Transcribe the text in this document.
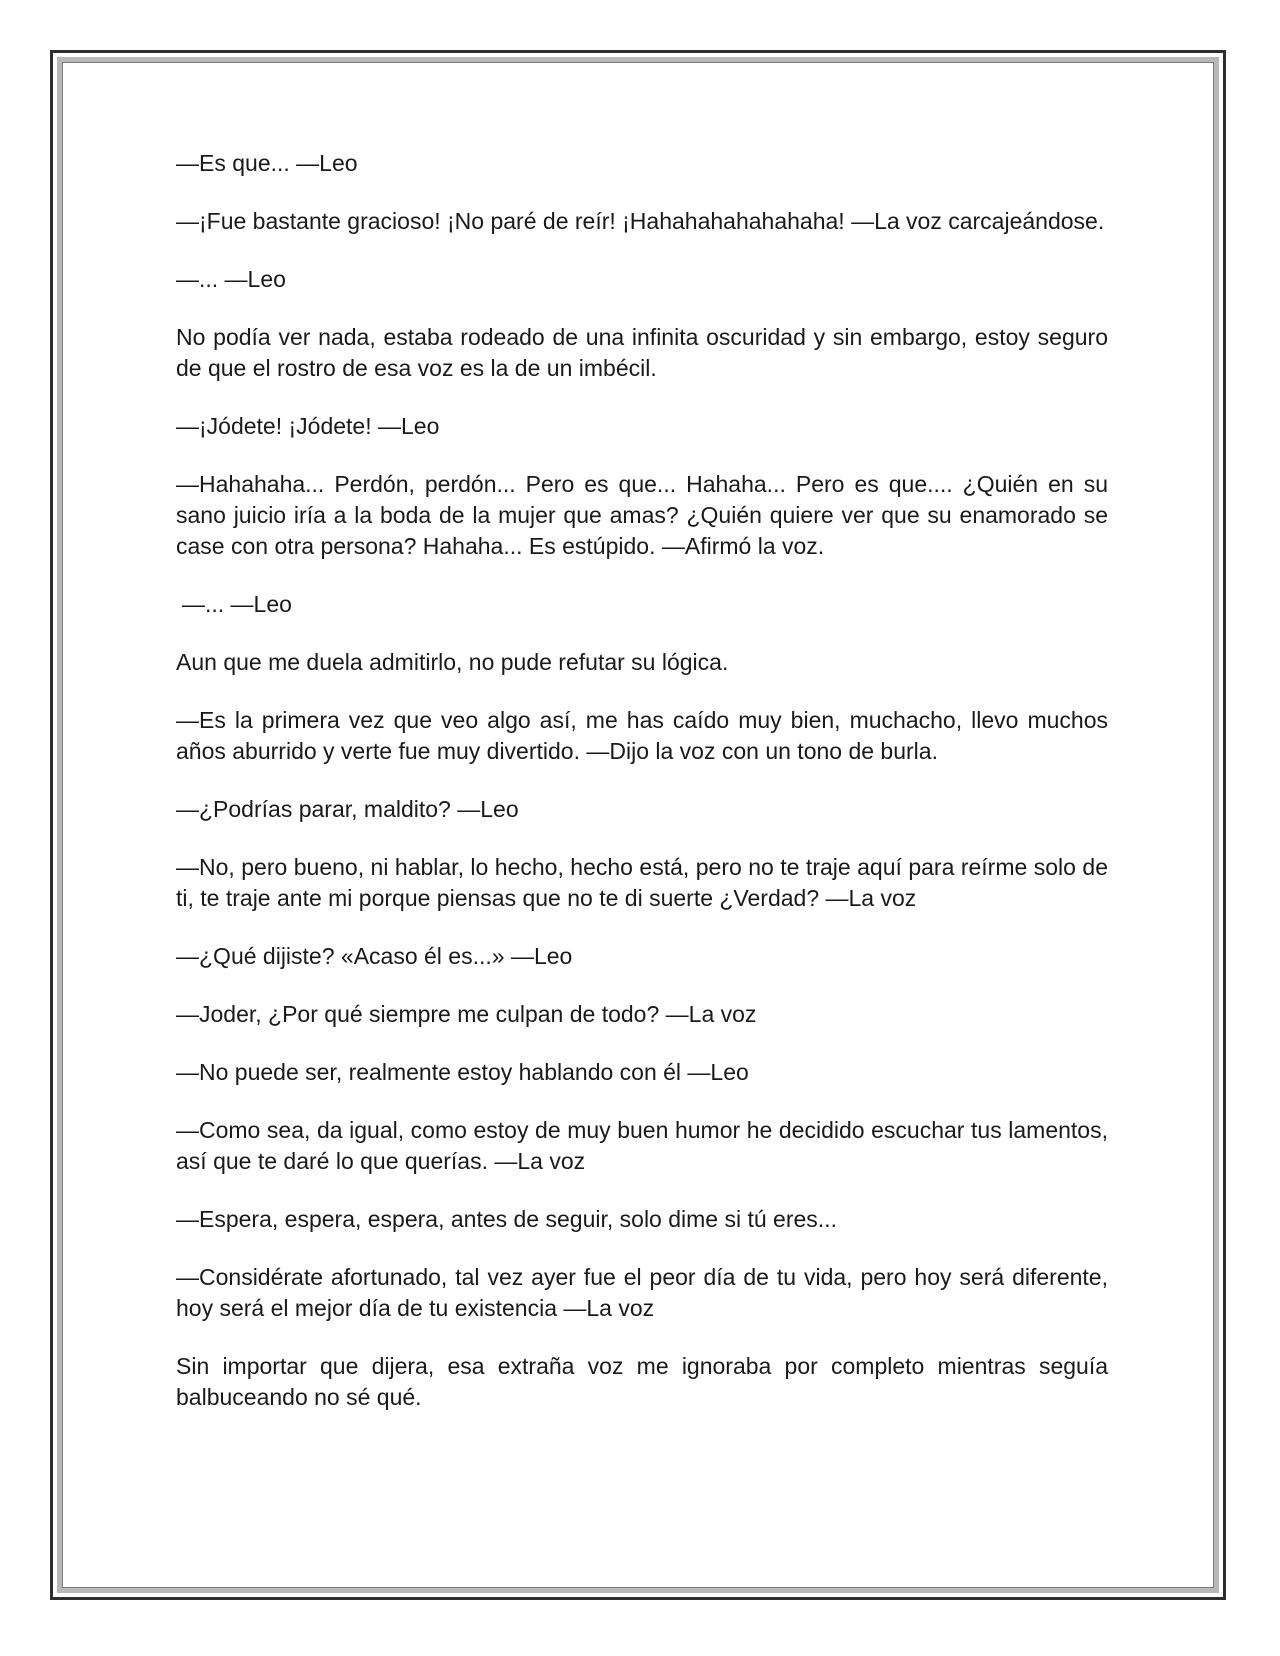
—Es que... —Leo

—¡Fue bastante gracioso! ¡No paré de reír! ¡Hahahahahahahaha! —La voz carcajeándose.

—... —Leo

No podía ver nada, estaba rodeado de una infinita oscuridad y sin embargo, estoy seguro de que el rostro de esa voz es la de un imbécil.

—¡Jódete! ¡Jódete! —Leo

—Hahahaha... Perdón, perdón... Pero es que... Hahaha... Pero es que.... ¿Quién en su sano juicio iría a la boda de la mujer que amas? ¿Quién quiere ver que su enamorado se case con otra persona? Hahaha... Es estúpido. —Afirmó la voz.

—... —Leo

Aun que me duela admitirlo, no pude refutar su lógica.

—Es la primera vez que veo algo así, me has caído muy bien, muchacho, llevo muchos años aburrido y verte fue muy divertido. —Dijo la voz con un tono de burla.

—¿Podrías parar, maldito? —Leo

—No, pero bueno, ni hablar, lo hecho, hecho está, pero no te traje aquí para reírme solo de ti, te traje ante mi porque piensas que no te di suerte ¿Verdad? —La voz

—¿Qué dijiste? «Acaso él es...» —Leo

—Joder, ¿Por qué siempre me culpan de todo? —La voz

—No puede ser, realmente estoy hablando con él —Leo

—Como sea, da igual, como estoy de muy buen humor he decidido escuchar tus lamentos, así que te daré lo que querías. —La voz

—Espera, espera, espera, antes de seguir, solo dime si tú eres...

—Considérate afortunado, tal vez ayer fue el peor día de tu vida, pero hoy será diferente, hoy será el mejor día de tu existencia —La voz

Sin importar que dijera, esa extraña voz me ignoraba por completo mientras seguía balbuceando no sé qué.
